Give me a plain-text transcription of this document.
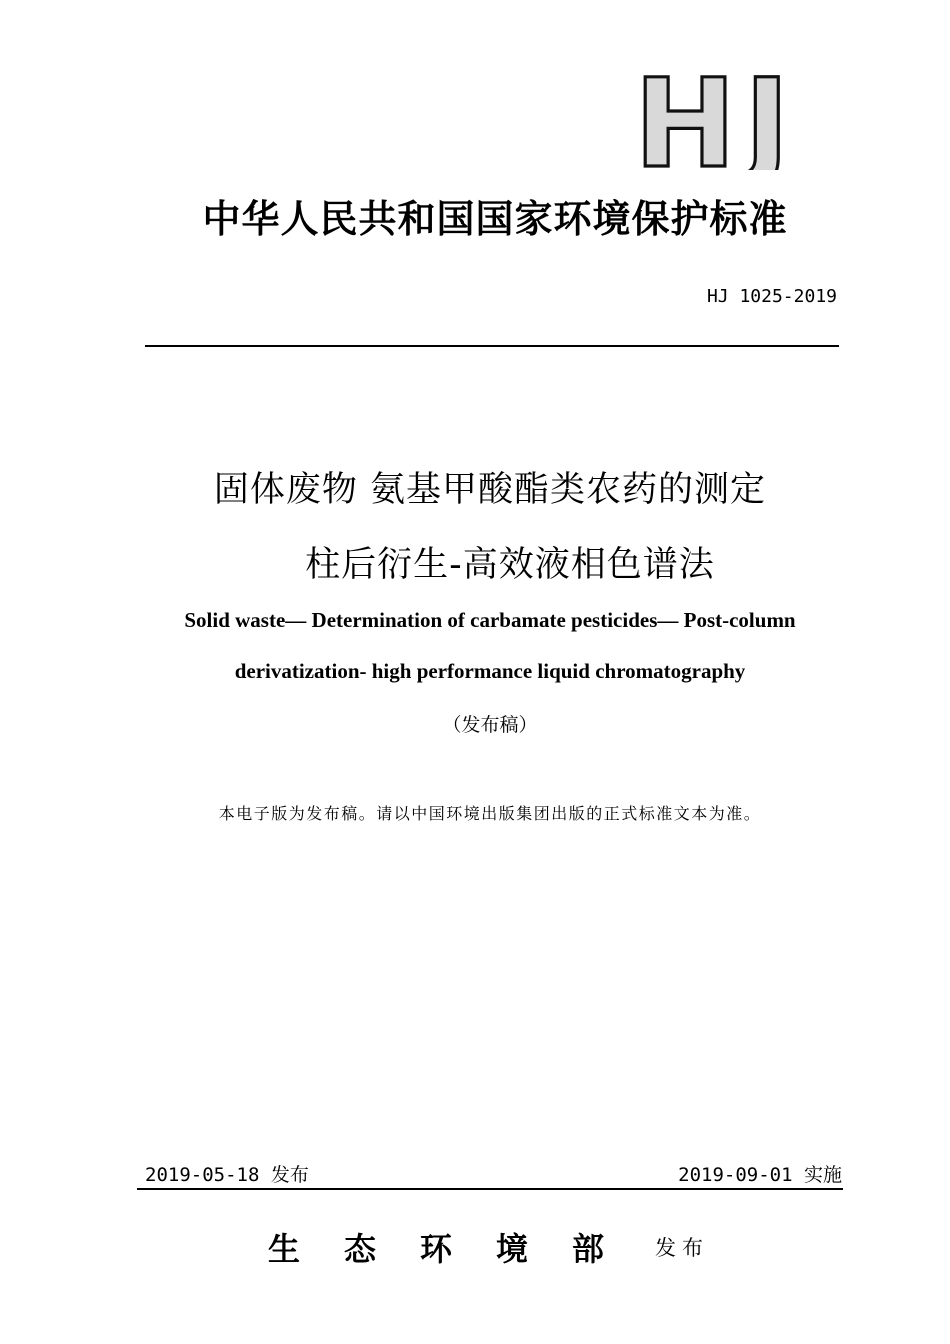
HJ
中华人民共和国国家环境保护标准
HJ 1025-2019
固体废物 氨基甲酸酯类农药的测定
柱后衍生-高效液相色谱法
Solid waste— Determination of carbamate pesticides— Post-column
derivatization- high performance liquid chromatography
（发布稿）
本电子版为发布稿。请以中国环境出版集团出版的正式标准文本为准。
2019-05-18 发布	2019-09-01 实施
生态环境部 发布
